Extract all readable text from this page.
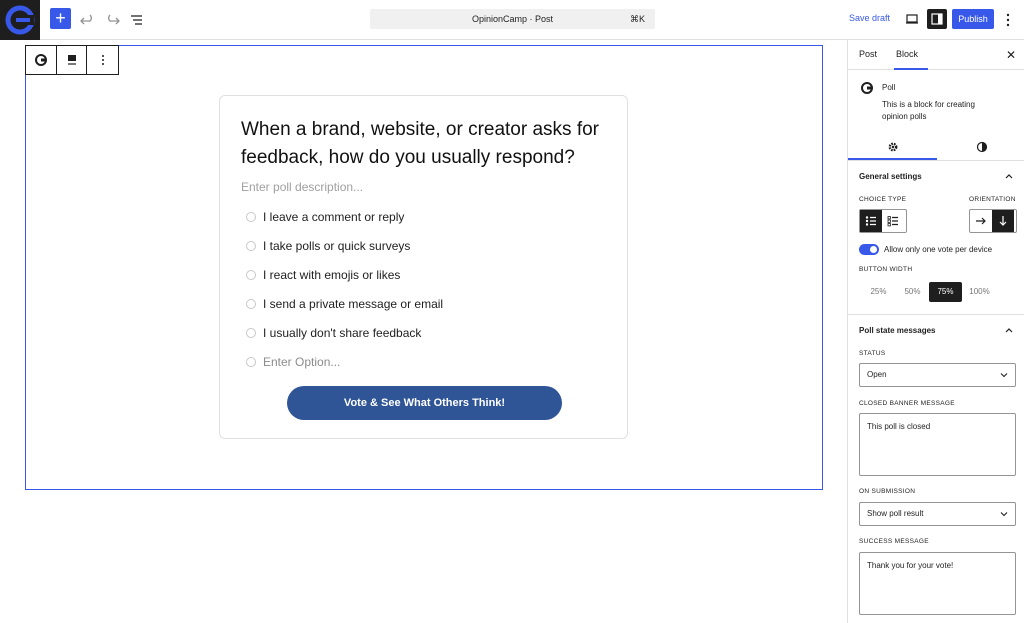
+	OpinionCamp · Post	⌘K	Save draft	Publish
When a brand, website, or creator asks for feedback, how do you usually respond?
Enter poll description...
I leave a comment or reply
I take polls or quick surveys
I react with emojis or likes
I send a private message or email
I usually don't share feedback
Enter Option...
Vote & See What Others Think!
Post Block	✕
Poll
This is a block for creating opinion polls
General settings
CHOICE TYPE	ORIENTATION
Allow only one vote per device
BUTTON WIDTH
25%	50%	75%	100%
Poll state messages
STATUS
Open
CLOSED BANNER MESSAGE
This poll is closed
ON SUBMISSION
Show poll result
SUCCESS MESSAGE
Thank you for your vote!
